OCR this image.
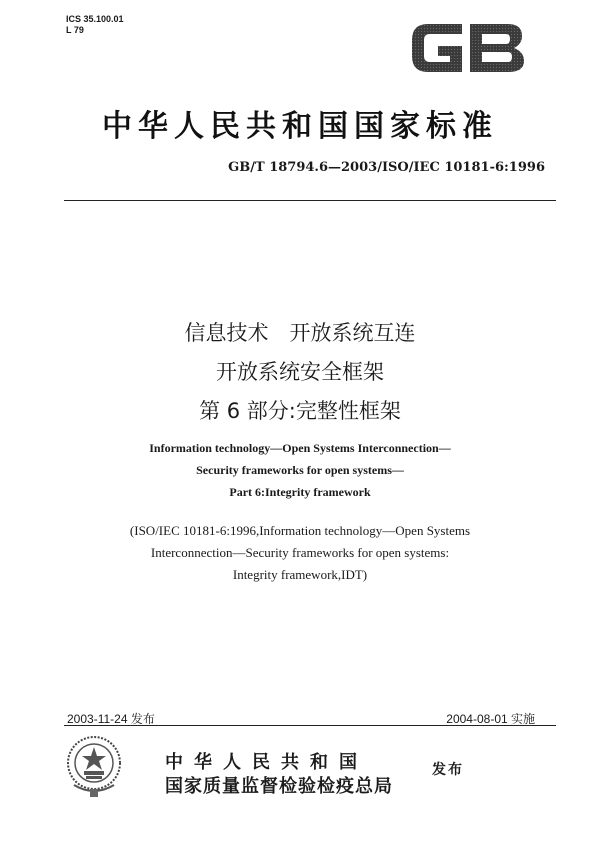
ICS 35.100.01
L 79
中华人民共和国国家标准
GB/T 18794.6—2003/ISO/IEC 10181-6:1996
信息技术　开放系统互连
开放系统安全框架
第 6 部分:完整性框架
Information technology—Open Systems Interconnection—
Security frameworks for open systems—
Part 6:Integrity framework
(ISO/IEC 10181-6:1996,Information technology—Open Systems
Interconnection—Security frameworks for open systems:
Integrity framework,IDT)
2003-11-24 发布	2004-08-01 实施
中华人民共和国
国家质量监督检验检疫总局
发布
